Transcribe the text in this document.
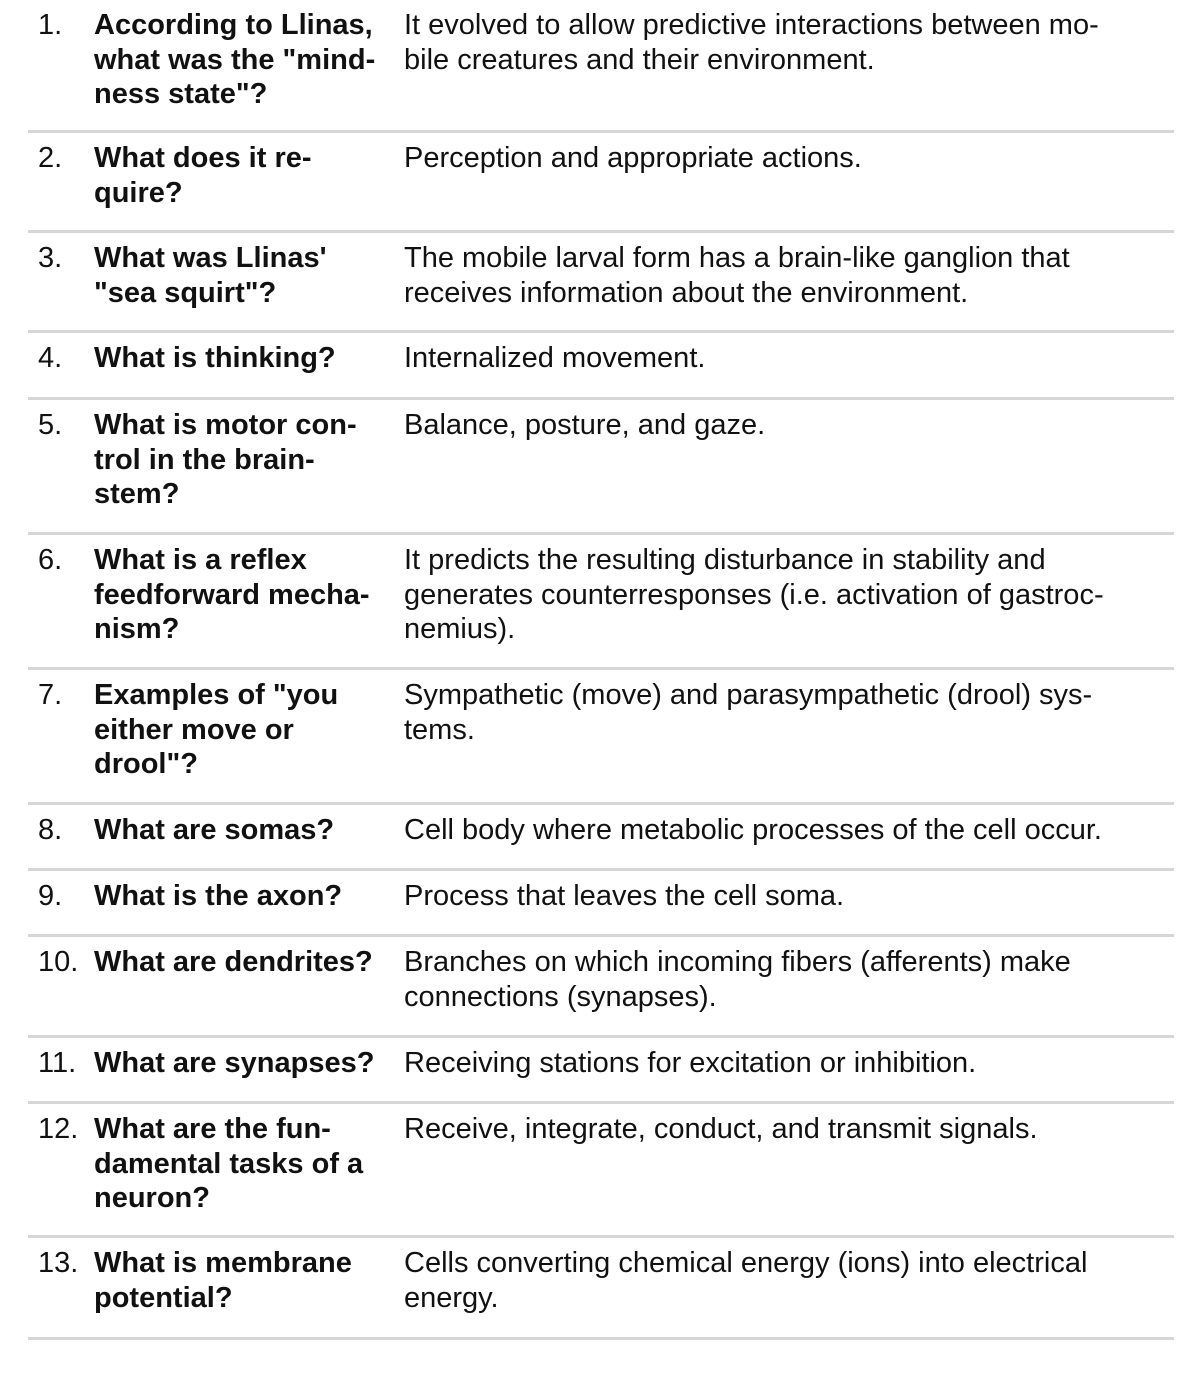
1. According to Llinas,
what was the "mind-
ness state"?
It evolved to allow predictive interactions between mo-
bile creatures and their environment.
2. What does it re-
quire?
Perception and appropriate actions.
3. What was Llinas'
"sea squirt"?
The mobile larval form has a brain-like ganglion that
receives information about the environment.
4. What is thinking? Internalized movement.
5. What is motor con-
trol in the brain-
stem?
Balance, posture, and gaze.
6. What is a reflex
feedforward mecha-
nism?
It predicts the resulting disturbance in stability and
generates counterresponses (i.e. activation of gastroc-
nemius).
7. Examples of "you
either move or
drool"?
Sympathetic (move) and parasympathetic (drool) sys-
tems.
8. What are somas? Cell body where metabolic processes of the cell occur.
9. What is the axon? Process that leaves the cell soma.
10. What are dendrites? Branches on which incoming fibers (afferents) make
connections (synapses).
11. What are synapses? Receiving stations for excitation or inhibition.
12. What are the fun-
damental tasks of a
neuron?
Receive, integrate, conduct, and transmit signals.
13. What is membrane
potential?
Cells converting chemical energy (ions) into electrical
energy.
